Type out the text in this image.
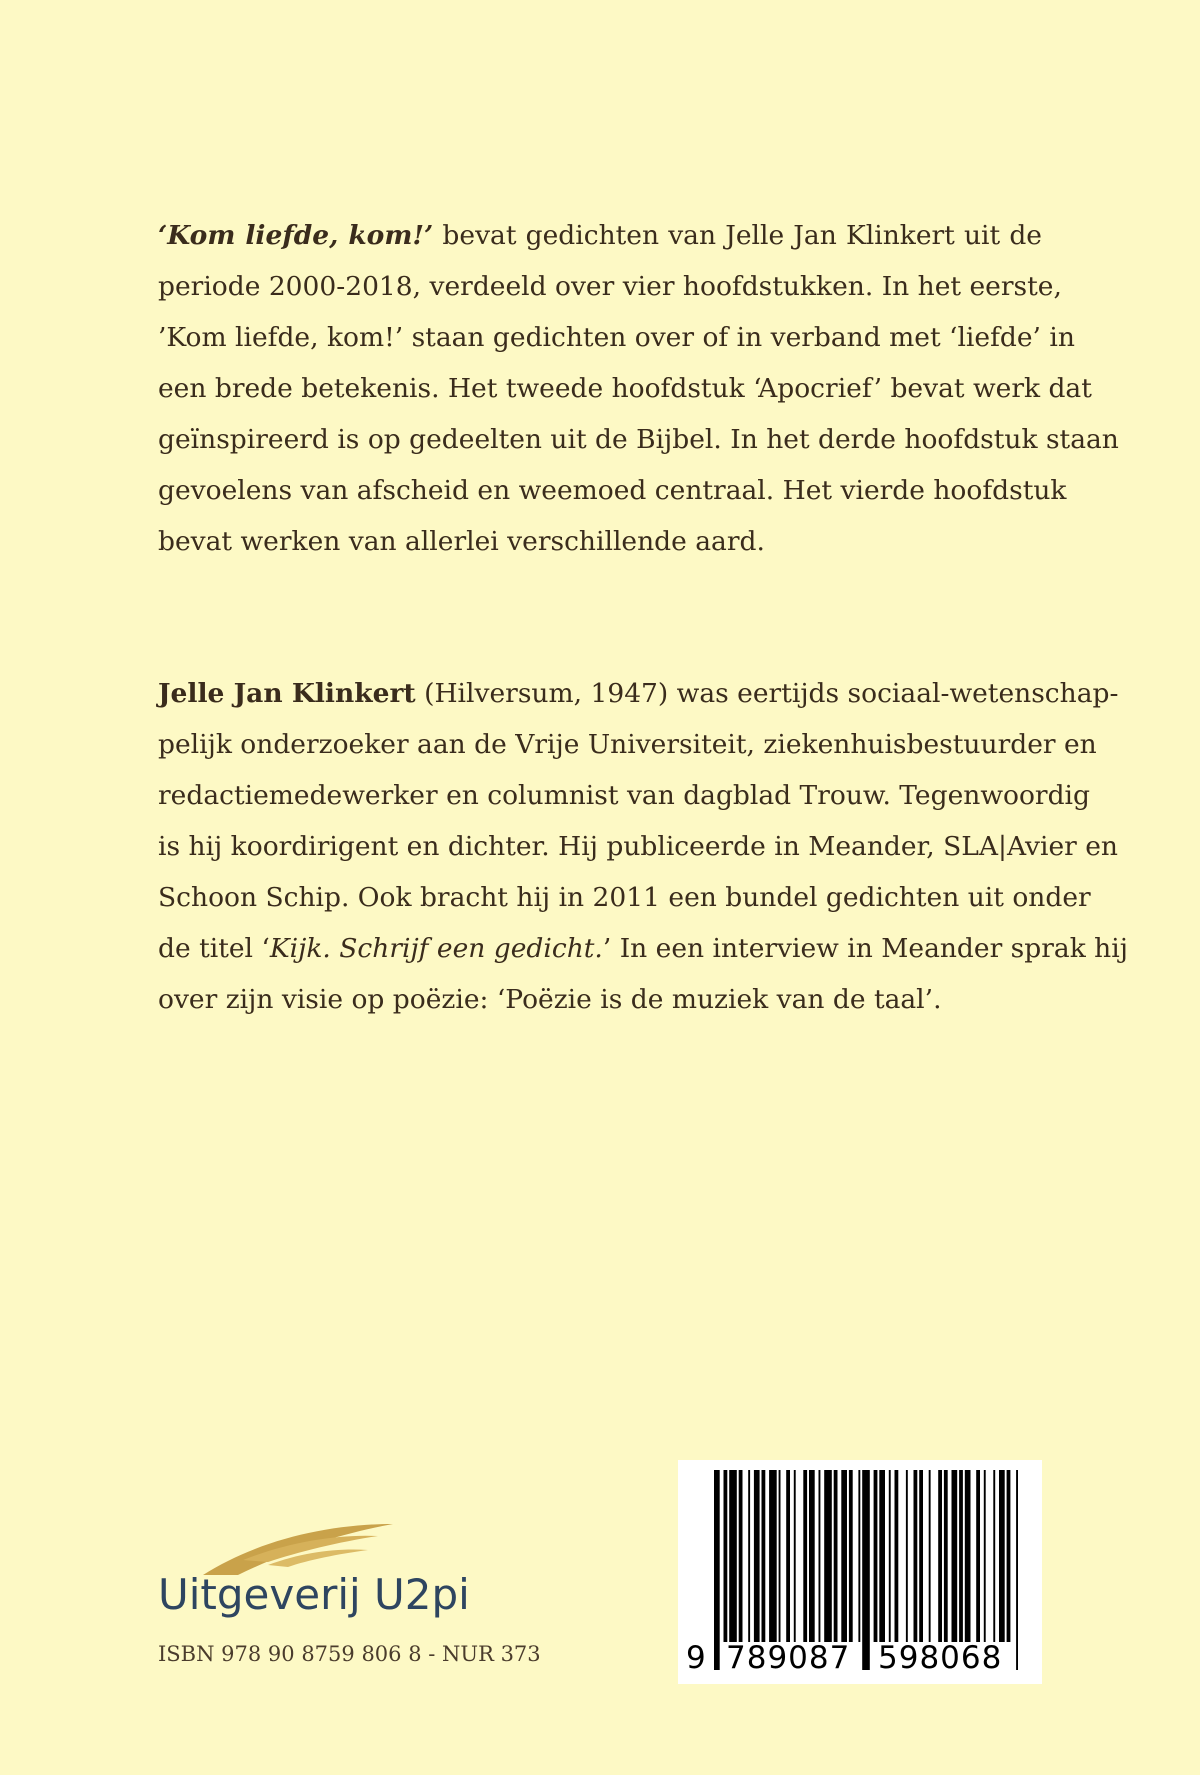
‘Kom liefde, kom!’ bevat gedichten van Jelle Jan Klinkert uit de
periode 2000-2018, verdeeld over vier hoofdstukken. In het eerste,
’Kom liefde, kom!’ staan gedichten over of in verband met ‘liefde’ in
een brede betekenis. Het tweede hoofdstuk ‘Apocrief’ bevat werk dat
geïnspireerd is op gedeelten uit de Bijbel. In het derde hoofdstuk staan
gevoelens van afscheid en weemoed centraal. Het vierde hoofdstuk
bevat werken van allerlei verschillende aard.

Jelle Jan Klinkert (Hilversum, 1947) was eertijds sociaal-wetenschap-
pelijk onderzoeker aan de Vrije Universiteit, ziekenhuisbestuurder en
redactiemedewerker en columnist van dagblad Trouw. Tegenwoordig
is hij koordirigent en dichter. Hij publiceerde in Meander, SLA|Avier en
Schoon Schip. Ook bracht hij in 2011 een bundel gedichten uit onder
de titel ‘Kijk. Schrijf een gedicht.’ In een interview in Meander sprak hij
over zijn visie op poëzie: ‘Poëzie is de muziek van de taal’.

Uitgeverij U2pi
ISBN 978 90 8759 806 8 - NUR 373	9 789087 598068
